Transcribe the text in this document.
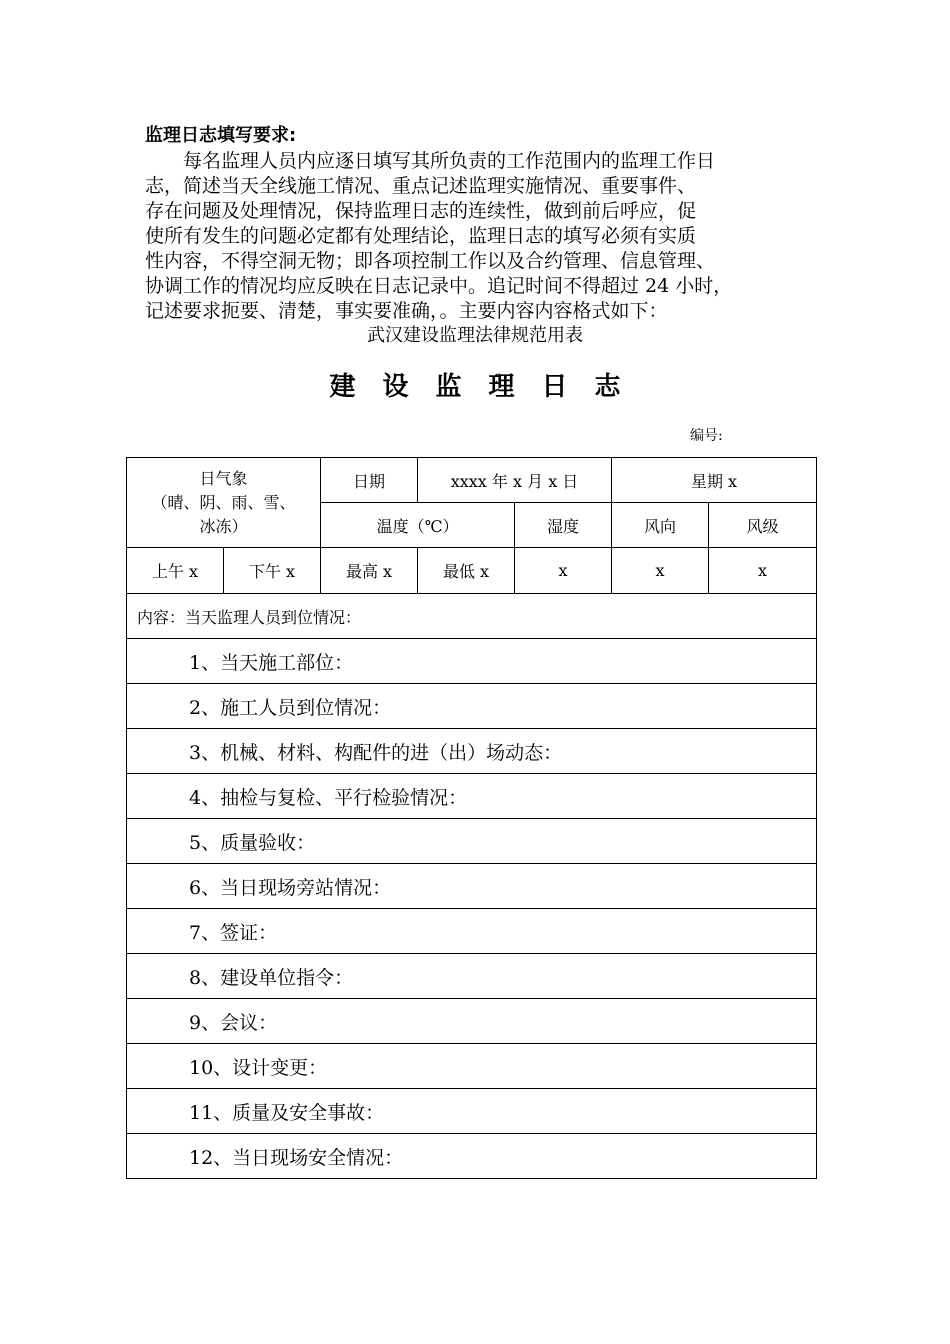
监理日志填写要求:

每名监理人员内应逐日填写其所负责的工作范围内的监理工作日
志，简述当天全线施工情况、重点记述监理实施情况、重要事件、
存在问题及处理情况，保持监理日志的连续性，做到前后呼应，促
使所有发生的问题必定都有处理结论，监理日志的填写必须有实质
性内容，不得空洞无物；即各项控制工作以及合约管理、信息管理、
协调工作的情况均应反映在日志记录中。追记时间不得超过 24 小时，
记述要求扼要、清楚，事实要准确，。主要内容内容格式如下：

武汉建设监理法律规范用表

建设监理日志

编号:

日气象
（晴、阴、雨、雪、
冰冻）		日期	xxxx 年 x 月 x 日		星期 x	
		温度（℃）		湿度	风向	风级
上午 x	下午 x	最高 x	最低 x	x	x	x
内容：当天监理人员到位情况：						
1、当天施工部位：						
2、施工人员到位情况：						
3、机械、材料、构配件的进（出）场动态：						
4、抽检与复检、平行检验情况：						
5、质量验收：						
6、当日现场旁站情况：						
7、签证：						
8、建设单位指令：						
9、会议：						
10、设计变更：						
11、质量及安全事故：						
12、当日现场安全情况：						
